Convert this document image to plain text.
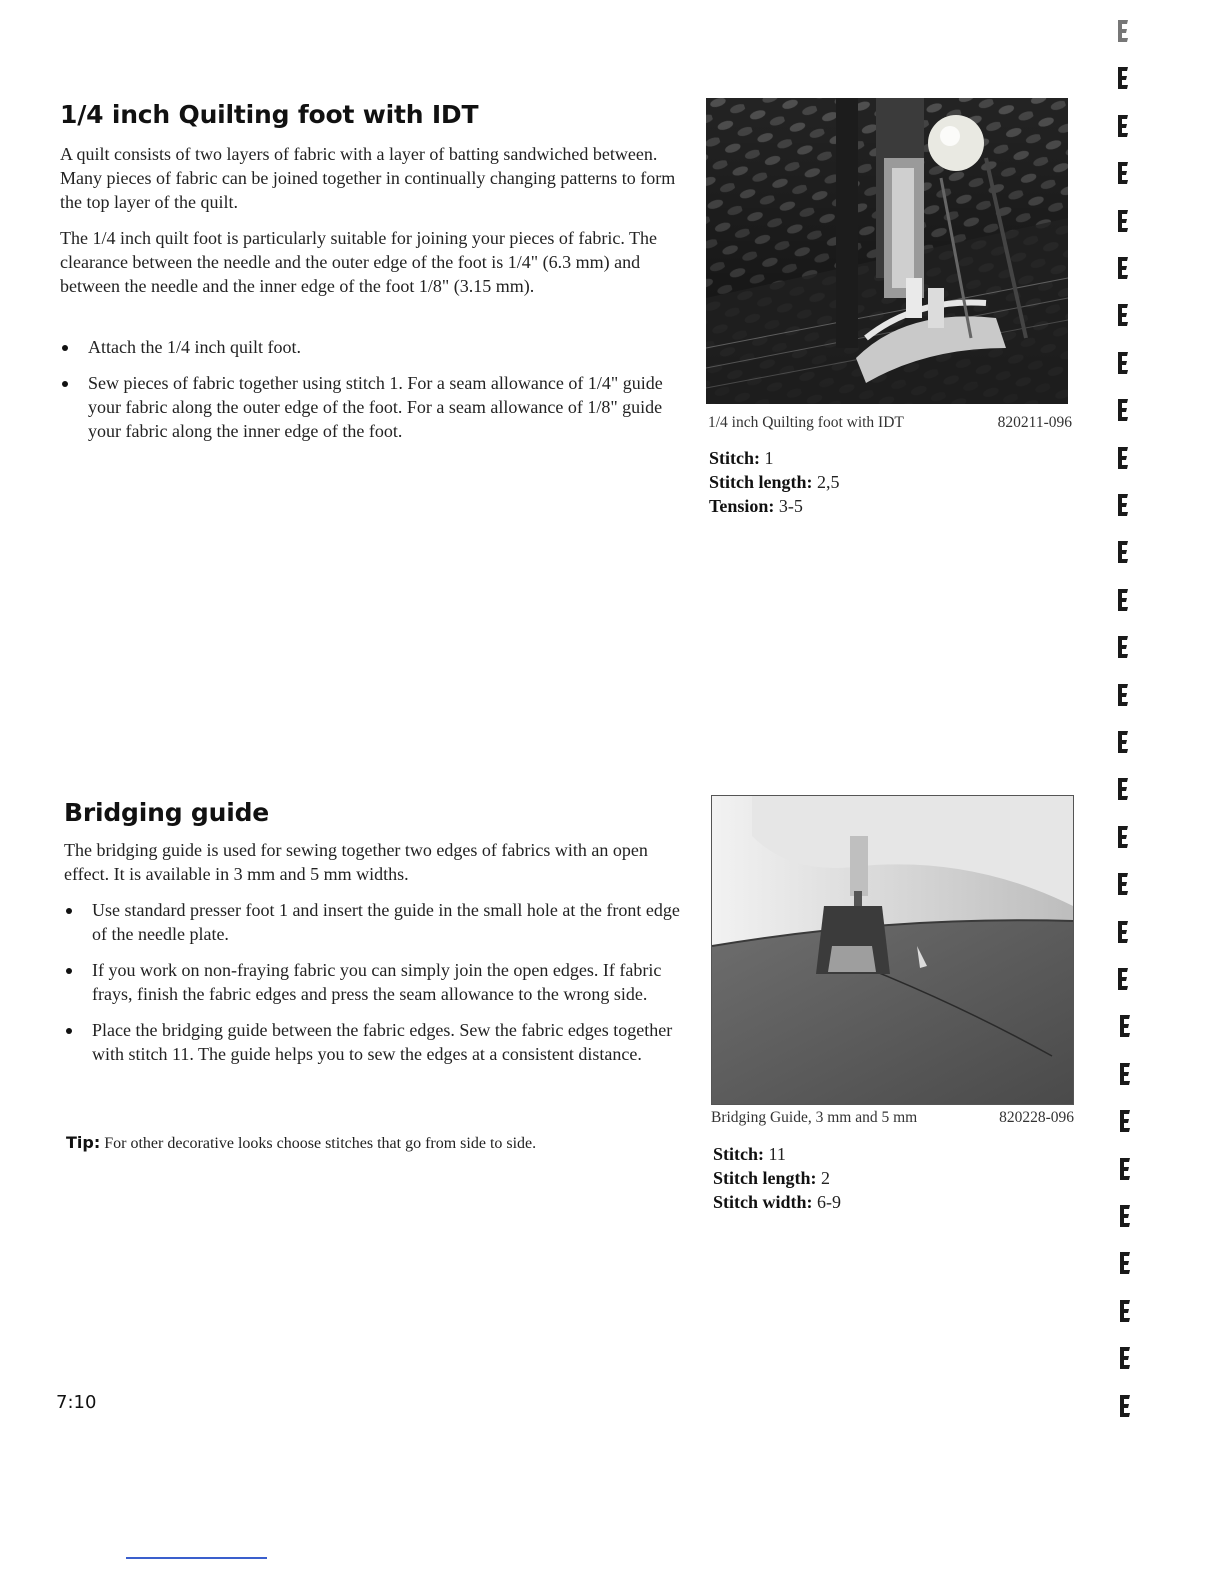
1/4 inch Quilting foot with IDT

A quilt consists of two layers of fabric with a layer of batting sandwiched between. Many pieces of fabric can be joined together in continually changing patterns to form the top layer of the quilt.

The 1/4 inch quilt foot is particularly suitable for joining your pieces of fabric. The clearance between the needle and the outer edge of the foot is 1/4" (6.3 mm) and between the needle and the inner edge of the foot 1/8" (3.15 mm).

Attach the 1/4 inch quilt foot.
Sew pieces of fabric together using stitch 1. For a seam allowance of 1/4" guide your fabric along the outer edge of the foot. For a seam allowance of 1/8" guide your fabric along the inner edge of the foot.	1/4 inch Quilting foot with IDT	820211-096
Stitch: 1
Stitch length: 2,5
Tension: 3-5
Bridging guide

The bridging guide is used for sewing together two edges of fabrics with an open effect. It is available in 3 mm and 5 mm widths.

Use standard presser foot 1 and insert the guide in the small hole at the front edge of the needle plate.
If you work on non-fraying fabric you can simply join the open edges. If fabric frays, finish the fabric edges and press the seam allowance to the wrong side.
Place the bridging guide between the fabric edges. Sew the fabric edges together with stitch 11. The guide helps you to sew the edges at a consistent distance.

Tip: For other decorative looks choose stitches that go from side to side.

Bridging Guide, 3 mm and 5 mm	820228-096
Stitch: 11
Stitch length: 2
Stitch width: 6-9
7:10
